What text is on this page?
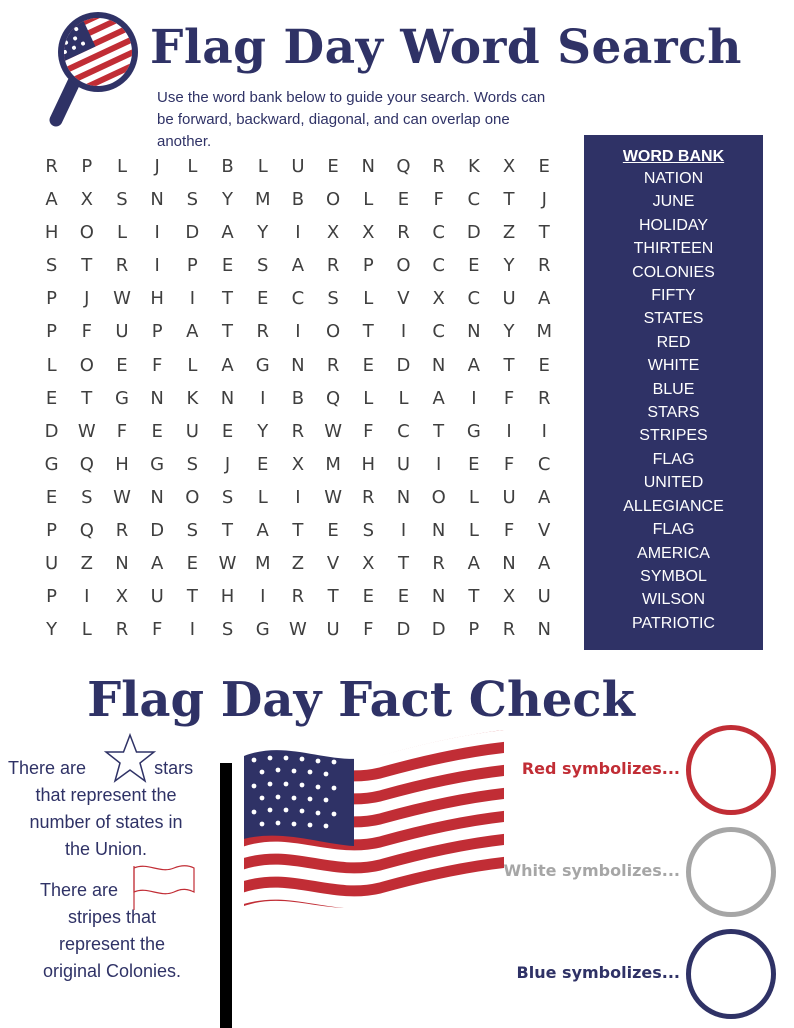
Flag Day Word Search
Use the word bank below to guide your search. Words can be forward, backward, diagonal, and can overlap one another.
R	P	L	J	L	B	L	U	E	N	Q	R	K	X	E
A	X	S	N	S	Y	M	B	O	L	E	F	C	T	J
H	O	L	I	D	A	Y	I	X	X	R	C	D	Z	T
S	T	R	I	P	E	S	A	R	P	O	C	E	Y	R
P	J	W	H	I	T	E	C	S	L	V	X	C	U	A
P	F	U	P	A	T	R	I	O	T	I	C	N	Y	M
L	O	E	F	L	A	G	N	R	E	D	N	A	T	E
E	T	G	N	K	N	I	B	Q	L	L	A	I	F	R
D	W	F	E	U	E	Y	R	W	F	C	T	G	I	I
G	Q	H	G	S	J	E	X	M	H	U	I	E	F	C
E	S	W	N	O	S	L	I	W	R	N	O	L	U	A
P	Q	R	D	S	T	A	T	E	S	I	N	L	F	V
U	Z	N	A	E	W	M	Z	V	X	T	R	A	N	A
P	I	X	U	T	H	I	R	T	E	E	N	T	X	U
Y	L	R	F	I	S	G	W	U	F	D	D	P	R	N
WORD BANK
NATION
JUNE
HOLIDAY
THIRTEEN
COLONIES
FIFTY
STATES
RED
WHITE
BLUE
STARS
STRIPES
FLAG
UNITED
ALLEGIANCE
FLAG
AMERICA
SYMBOL
WILSON
PATRIOTIC
Flag Day Fact Check
There are	stars
that represent the
number of states in
the Union.
There are
stripes that
represent the
original Colonies.
Red symbolizes...
White symbolizes...
Blue symbolizes...
